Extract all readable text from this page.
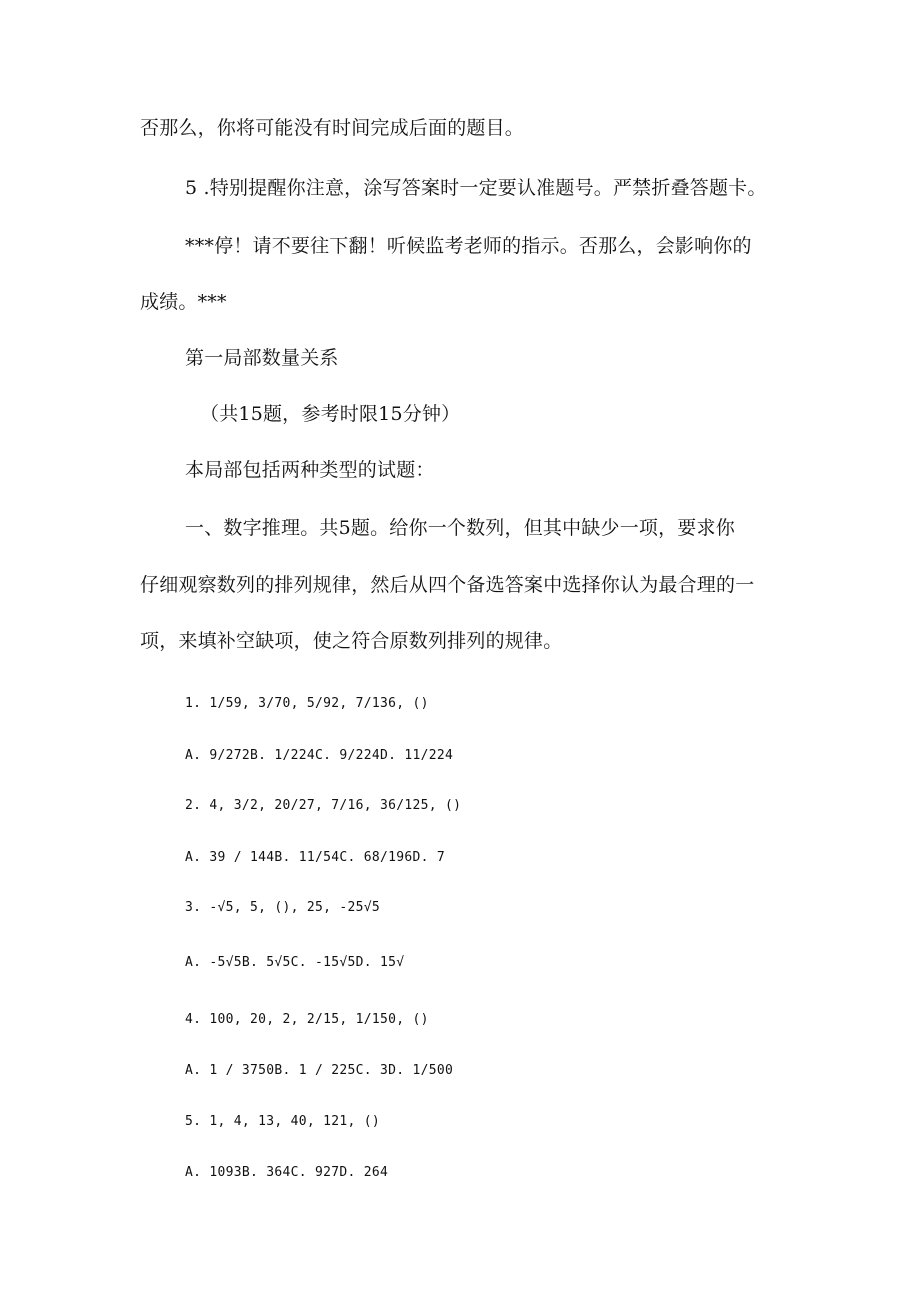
否那么，你将可能没有时间完成后面的题目。
5 .特别提醒你注意，涂写答案时一定要认准题号。严禁折叠答题卡。
***停！请不要往下翻！听候监考老师的指示。否那么，会影响你的
成绩。***
第一局部数量关系
（共15题，参考时限15分钟）
本局部包括两种类型的试题：
一、数字推理。共5题。给你一个数列，但其中缺少一项，要求你
仔细观察数列的排列规律，然后从四个备选答案中选择你认为最合理的一
项，来填补空缺项，使之符合原数列排列的规律。
1. 1/59, 3/70, 5/92, 7/136, ()
A. 9/272B. 1/224C. 9/224D. 11/224
2. 4, 3/2, 20/27, 7/16, 36/125, ()
A. 39 / 144B. 11/54C. 68/196D. 7
3. -√5, 5, (), 25, -25√5
A. -5√5B. 5√5C. -15√5D. 15√
4. 100, 20, 2, 2/15, 1/150, ()
A. 1 / 3750B. 1 / 225C. 3D. 1/500
5. 1, 4, 13, 40, 121, ()
A. 1093B. 364C. 927D. 264
